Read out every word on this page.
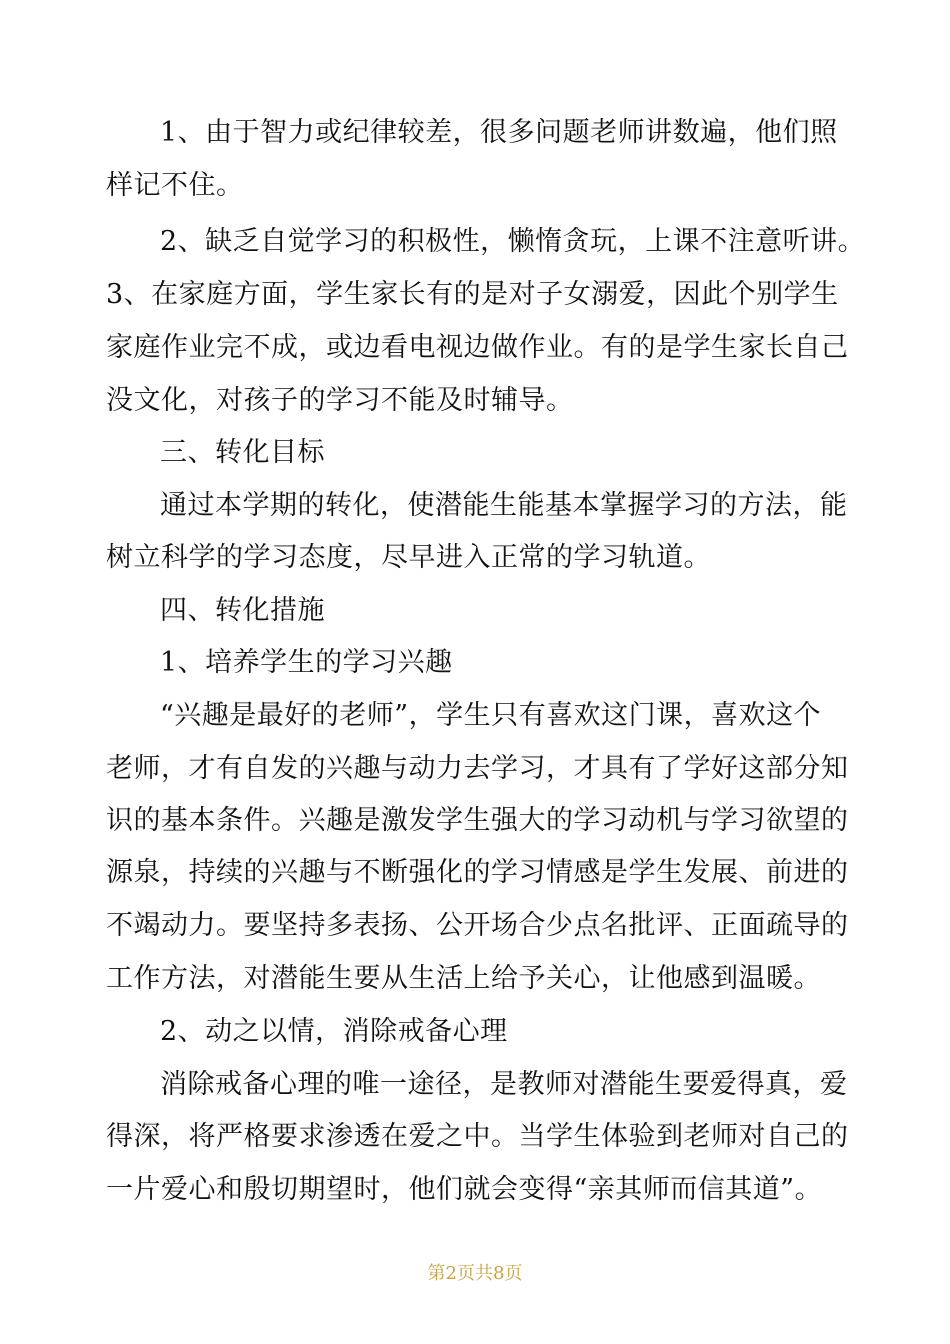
1、由于智力或纪律较差，很多问题老师讲数遍，他们照
样记不住。
2、缺乏自觉学习的积极性，懒惰贪玩，上课不注意听讲。
3、在家庭方面，学生家长有的是对子女溺爱，因此个别学生
家庭作业完不成，或边看电视边做作业。有的是学生家长自己
没文化，对孩子的学习不能及时辅导。
三、转化目标
通过本学期的转化，使潜能生能基本掌握学习的方法，能
树立科学的学习态度，尽早进入正常的学习轨道。
四、转化措施
1、培养学生的学习兴趣
“兴趣是最好的老师”，学生只有喜欢这门课，喜欢这个
老师，才有自发的兴趣与动力去学习，才具有了学好这部分知
识的基本条件。兴趣是激发学生强大的学习动机与学习欲望的
源泉，持续的兴趣与不断强化的学习情感是学生发展、前进的
不竭动力。要坚持多表扬、公开场合少点名批评、正面疏导的
工作方法，对潜能生要从生活上给予关心，让他感到温暖。
2、动之以情，消除戒备心理
消除戒备心理的唯一途径，是教师对潜能生要爱得真，爱
得深，将严格要求渗透在爱之中。当学生体验到老师对自己的
一片爱心和殷切期望时，他们就会变得“亲其师而信其道”。
第2页共8页
